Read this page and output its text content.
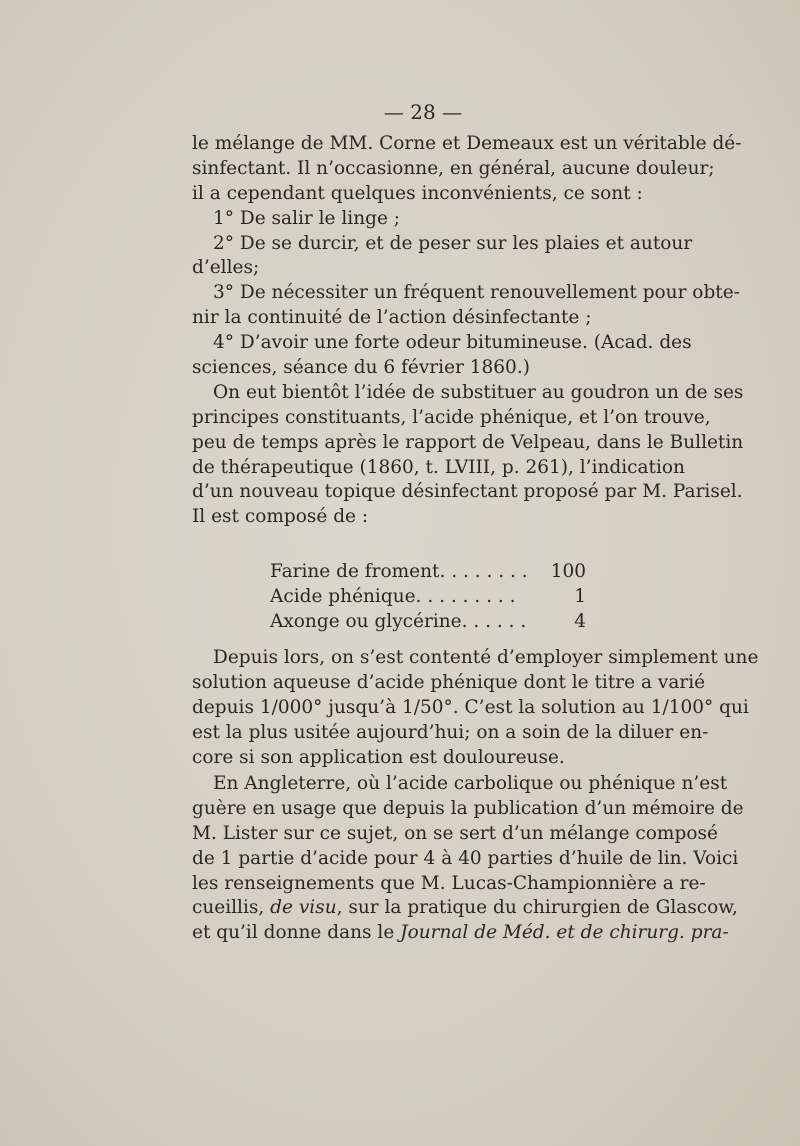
— 28 —
le mélange de MM. Corne et Demeaux est un véritable dé-
sinfectant. Il n’occasionne, en général, aucune douleur;
il a cependant quelques inconvénients, ce sont :
1° De salir le linge ;
2° De se durcir, et de peser sur les plaies et autour
d’elles;
3° De nécessiter un fréquent renouvellement pour obte-
nir la continuité de l’action désinfectante ;
4° D’avoir une forte odeur bitumineuse. (Acad. des
sciences, séance du 6 février 1860.)
On eut bientôt l’idée de substituer au goudron un de ses
principes constituants, l’acide phénique, et l’on trouve,
peu de temps après le rapport de Velpeau, dans le Bulletin
de thérapeutique (1860, t. LVIII, p. 261), l’indication
d’un nouveau topique désinfectant proposé par M. Parisel.
Il est composé de :
Farine de froment. . . . . . . .	100
Acide phénique. . . . . . . . .	1
Axonge ou glycérine. . . . . .	4
Depuis lors, on s’est contenté d’employer simplement une
solution aqueuse d’acide phénique dont le titre a varié
depuis 1/000° jusqu’à 1/50°. C’est la solution au 1/100° qui
est la plus usitée aujourd’hui; on a soin de la diluer en-
core si son application est douloureuse.
En Angleterre, où l’acide carbolique ou phénique n’est
guère en usage que depuis la publication d’un mémoire de
M. Lister sur ce sujet, on se sert d’un mélange composé
de 1 partie d’acide pour 4 à 40 parties d’huile de lin. Voici
les renseignements que M. Lucas-Championnière a re-
cueillis, de visu, sur la pratique du chirurgien de Glascow,
et qu’il donne dans le Journal de Méd. et de chirurg. pra-
